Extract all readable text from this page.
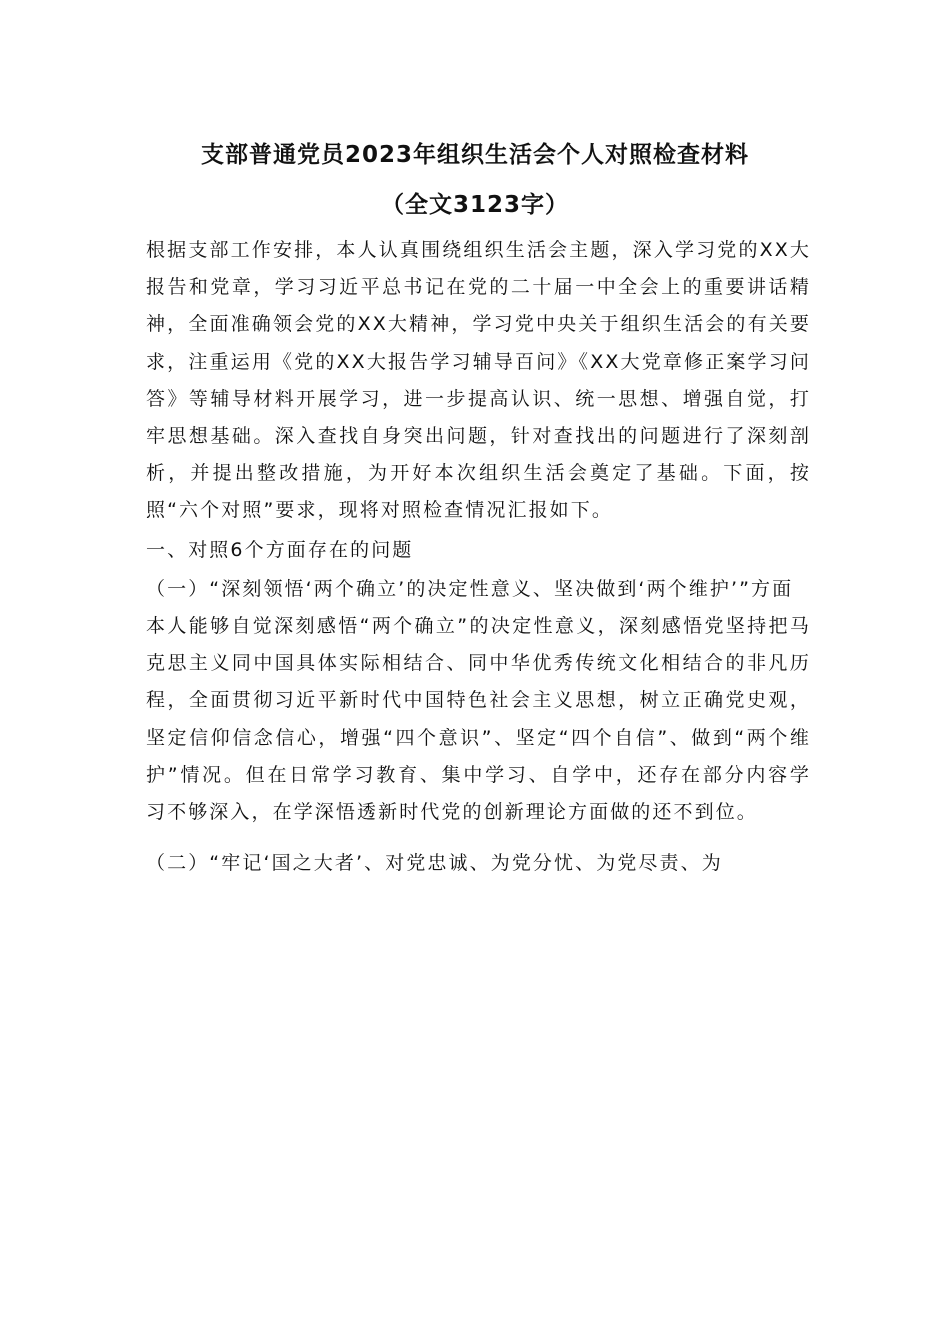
支部普通党员2023年组织生活会个人对照检查材料
（全文3123字）

根据支部工作安排，本人认真围绕组织生活会主题，深入学习党的XX大报告和党章，学习习近平总书记在党的二十届一中全会上的重要讲话精神，全面准确领会党的XX大精神，学习党中央关于组织生活会的有关要求，注重运用《党的XX大报告学习辅导百问》《XX大党章修正案学习问答》等辅导材料开展学习，进一步提高认识、统一思想、增强自觉，打牢思想基础。深入查找自身突出问题，针对查找出的问题进行了深刻剖析，并提出整改措施，为开好本次组织生活会奠定了基础。下面，按照“六个对照”要求，现将对照检查情况汇报如下。

一、对照6个方面存在的问题

（一）“深刻领悟‘两个确立’的决定性意义、坚决做到‘两个维护’”方面

本人能够自觉深刻感悟“两个确立”的决定性意义，深刻感悟党坚持把马克思主义同中国具体实际相结合、同中华优秀传统文化相结合的非凡历程，全面贯彻习近平新时代中国特色社会主义思想，树立正确党史观，坚定信仰信念信心，增强“四个意识”、坚定“四个自信”、做到“两个维护”情况。但在日常学习教育、集中学习、自学中，还存在部分内容学习不够深入，在学深悟透新时代党的创新理论方面做的还不到位。

（二）“牢记‘国之大者’、对党忠诚、为党分忧、为党尽责、为
